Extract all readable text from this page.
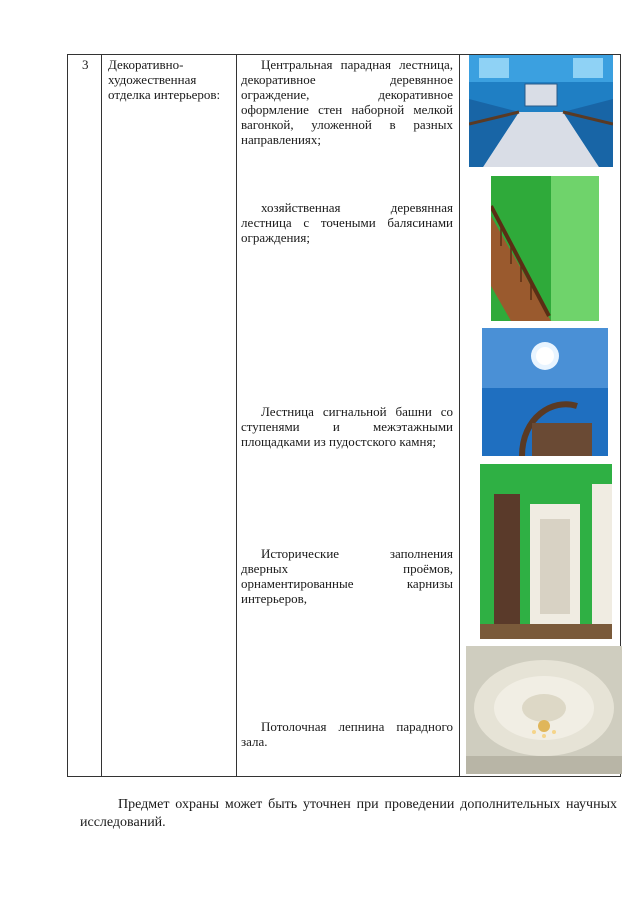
3 Декоративно-художественная отделка интерьеров:
Центральная парадная лестница, декоративное деревянное ограждение, декоративное оформление стен наборной мелкой вагонкой, уложенной в разных направлениях;
хозяйственная деревянная лестница с точеными балясинами ограждения;
Лестница сигнальной башни со ступенями и межэтажными площадками из пудостского камня;
Исторические заполнения дверных проёмов, орнаментированные карнизы интерьеров,
Потолочная лепнина парадного зала.
Предмет охраны может быть уточнен при проведении дополнительных научных исследований.
